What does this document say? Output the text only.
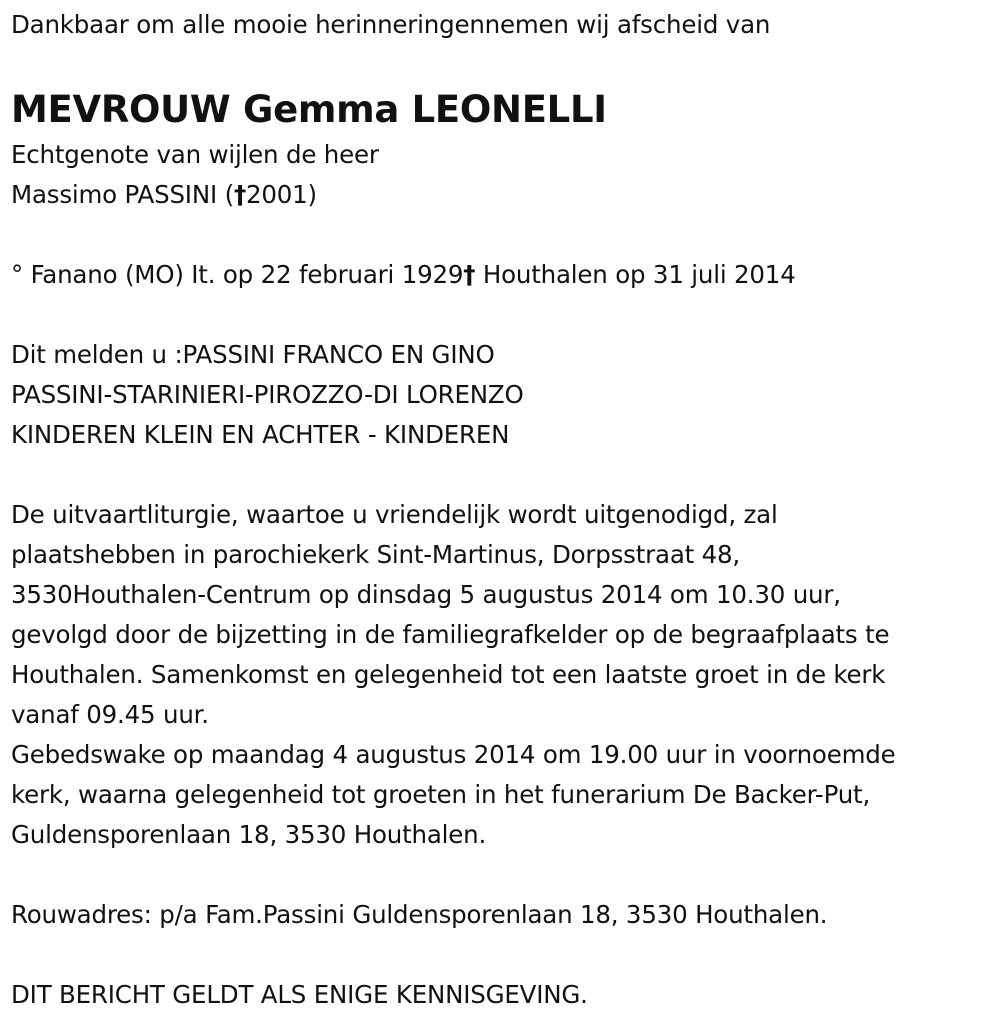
Dankbaar om alle mooie herinneringennemen wij afscheid van
MEVROUW Gemma LEONELLI
Echtgenote van wijlen de heer
Massimo PASSINI (†2001)
° Fanano (MO) It. op 22 februari 1929† Houthalen op 31 juli 2014
Dit melden u :PASSINI FRANCO EN GINO
PASSINI-STARINIERI-PIROZZO-DI LORENZO
KINDEREN KLEIN EN ACHTER - KINDEREN
De uitvaartliturgie, waartoe u vriendelijk wordt uitgenodigd, zal
plaatshebben in parochiekerk Sint-Martinus, Dorpsstraat 48,
3530Houthalen-Centrum op dinsdag 5 augustus 2014 om 10.30 uur,
gevolgd door de bijzetting in de familiegrafkelder op de begraafplaats te
Houthalen. Samenkomst en gelegenheid tot een laatste groet in de kerk
vanaf 09.45 uur.
Gebedswake op maandag 4 augustus 2014 om 19.00 uur in voornoemde
kerk, waarna gelegenheid tot groeten in het funerarium De Backer-Put,
Guldensporenlaan 18, 3530 Houthalen.
Rouwadres: p/a Fam.Passini Guldensporenlaan 18, 3530 Houthalen.
DIT BERICHT GELDT ALS ENIGE KENNISGEVING.
